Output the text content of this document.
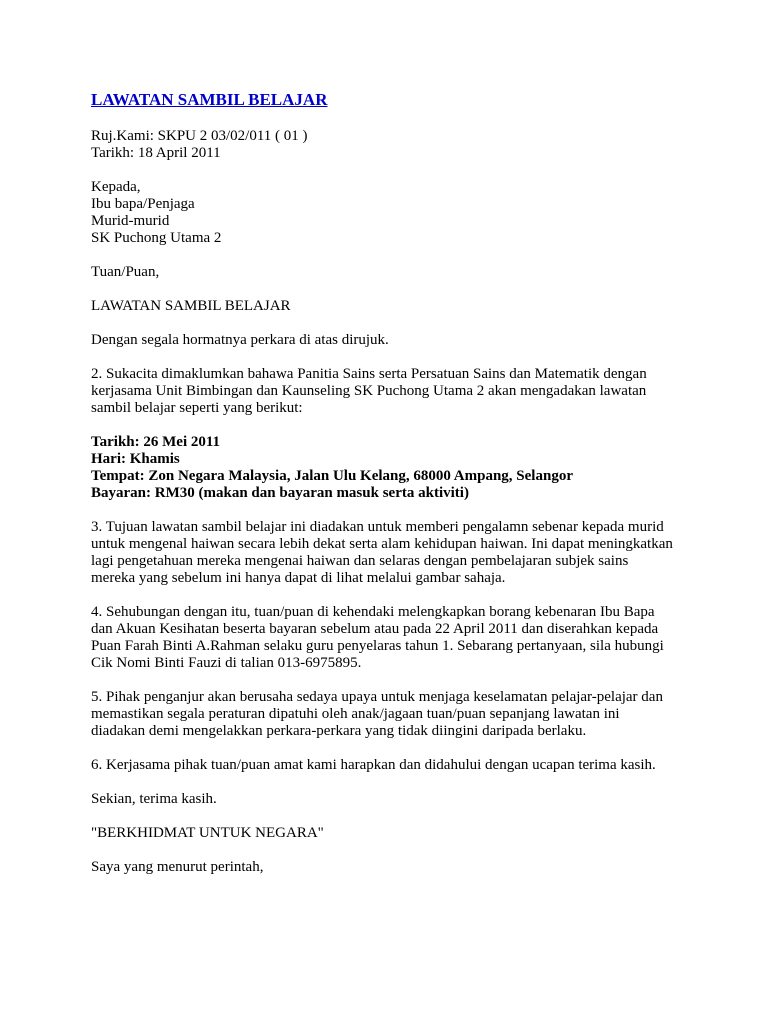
LAWATAN SAMBIL BELAJAR

Ruj.Kami: SKPU 2 03/02/011 ( 01 )
Tarikh: 18 April 2011

Kepada,
Ibu bapa/Penjaga
Murid-murid
SK Puchong Utama 2

Tuan/Puan,

LAWATAN SAMBIL BELAJAR

Dengan segala hormatnya perkara di atas dirujuk.

2. Sukacita dimaklumkan bahawa Panitia Sains serta Persatuan Sains dan Matematik dengan
kerjasama Unit Bimbingan dan Kaunseling SK Puchong Utama 2 akan mengadakan lawatan
sambil belajar seperti yang berikut:

Tarikh: 26 Mei 2011
Hari: Khamis
Tempat: Zon Negara Malaysia, Jalan Ulu Kelang, 68000 Ampang, Selangor
Bayaran: RM30 (makan dan bayaran masuk serta aktiviti)

3. Tujuan lawatan sambil belajar ini diadakan untuk memberi pengalamn sebenar kepada murid
untuk mengenal haiwan secara lebih dekat serta alam kehidupan haiwan. Ini dapat meningkatkan
lagi pengetahuan mereka mengenai haiwan dan selaras dengan pembelajaran subjek sains
mereka yang sebelum ini hanya dapat di lihat melalui gambar sahaja.

4. Sehubungan dengan itu, tuan/puan di kehendaki melengkapkan borang kebenaran Ibu Bapa
dan Akuan Kesihatan beserta bayaran sebelum atau pada 22 April 2011 dan diserahkan kepada
Puan Farah Binti A.Rahman selaku guru penyelaras tahun 1. Sebarang pertanyaan, sila hubungi
Cik Nomi Binti Fauzi di talian 013-6975895.

5. Pihak penganjur akan berusaha sedaya upaya untuk menjaga keselamatan pelajar-pelajar dan
memastikan segala peraturan dipatuhi oleh anak/jagaan tuan/puan sepanjang lawatan ini
diadakan demi mengelakkan perkara-perkara yang tidak diingini daripada berlaku.

6. Kerjasama pihak tuan/puan amat kami harapkan dan didahului dengan ucapan terima kasih.

Sekian, terima kasih.

"BERKHIDMAT UNTUK NEGARA"

Saya yang menurut perintah,
